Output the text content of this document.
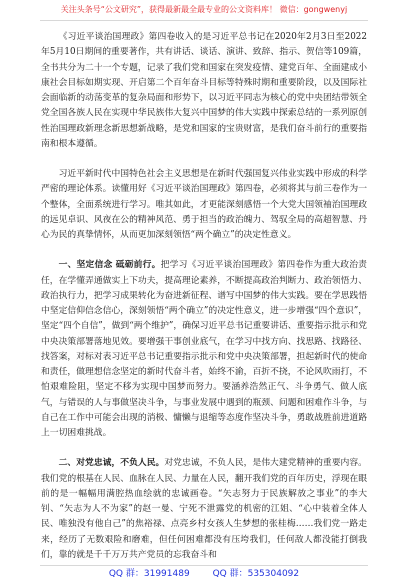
关注头条号“公文研究”，获得最新最全最专业的公文资料库！ 微信：gongwenyj

《习近平谈治国理政》第四卷收入的是习近平总书记在2020年2月3日至2022年5月10日期间的重要著作，共有讲话、谈话、演讲、致辞、指示、贺信等109篇，全书共分为二十一个专题，记录了我们党和国家在突发疫情、建党百年、全面建成小康社会目标如期实现、开启第二个百年奋斗目标等特殊时期和重要阶段，以及国际社会面临新的动荡变革的复杂局面和形势下，以习近平同志为核心的党中央团结带领全党全国各族人民在实现中华民族伟大复兴中国梦的伟大实践中探索总结的一系列原创性治国理政新理念新思想新战略，是党和国家的宝贵财富，是我们奋斗前行的重要指南和根本遵循。

习近平新时代中国特色社会主义思想是在新时代强国复兴伟业实践中形成的科学严密的理论体系。读懂用好《习近平谈治国理政》第四卷，必须将其与前三卷作为一个整体，全面系统进行学习。唯其如此，才更能深刻感悟一个大党大国领袖治国理政的远见卓识、风夜在公的精神风范、勇于担当的政治魄力、驾驭全局的高超智慧、丹心为民的真挚情怀，从而更加深刻领悟“两个确立”的决定性意义。

一、坚定信念 砥砺前行。把学习《习近平谈治国理政》第四卷作为重大政治责任，在学懂弄通做实上下功夫，提高理论素养，不断提高政治判断力、政治领悟力、政治执行力，把学习成果转化为奋进新征程、谱写中国梦的伟大实践。要在学思践悟中坚定信仰信念信心，深刻领悟“两个确立”的决定性意义，进一步增强“四个意识”，坚定“四个自信”，做到“两个维护”，确保习近平总书记重要讲话、重要指示批示和党中央决策部署落地见效。要增强干事创业底气，在学习中找方向、找思路、找路径、找答案，对标对表习近平总书记重要指示批示和党中央决策部署，担起新时代的使命和责任，做理想信念坚定的新时代奋斗者，始终不渝，百折不挠，不论风吹雨打，不怕艰难险阻，坚定不移为实现中国梦而努力。要涵养浩然正气、斗争勇气、做人底气，与错误的人与事做坚决斗争，与事业发展中遇到的瓶颈、问题和困难作斗争，与自己在工作中可能会出现的消极、慵懒与退缩等态度作坚决斗争，勇敢战胜前进道路上一切困难挑战。

二、对党忠诚，不负人民。对党忠诚，不负人民，是伟大建党精神的重要内容。我们党的根基在人民、血脉在人民、力量在人民，翻开我们党的百年历史，浮现在眼前的是一幅幅用满腔热血绘就的忠诚画卷。“矢志努力于民族解放之事业”的李大钊、“矢志为人不为家”的赵一曼、宁死不泄露党的机密的江姐、“心中装着全体人民、唯独没有他自己”的焦裕禄、点亮乡村女孩人生梦想的张桂梅……我们党一路走来，经历了无数艰险和磨难，但任何困难都没有压垮我们，任何敌人都没能打倒我们，靠的就是千千万万共产党员的忘我奋斗和

QQ 群：31991489	QQ 群：535304092
